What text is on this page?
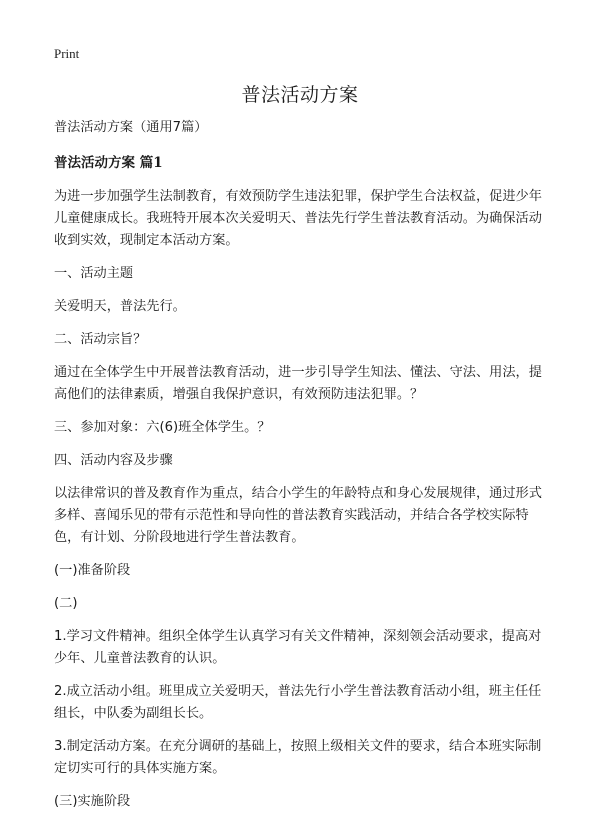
Print
普法活动方案

普法活动方案（通用7篇）

普法活动方案 篇1

为进一步加强学生法制教育，有效预防学生违法犯罪，保护学生合法权益，促进少年儿童健康成长。我班特开展本次关爱明天、普法先行学生普法教育活动。为确保活动收到实效，现制定本活动方案。

一、活动主题

关爱明天，普法先行。

二、活动宗旨？

通过在全体学生中开展普法教育活动，进一步引导学生知法、懂法、守法、用法，提高他们的法律素质，增强自我保护意识，有效预防违法犯罪。？

三、参加对象：六(6)班全体学生。？

四、活动内容及步骤

以法律常识的普及教育作为重点，结合小学生的年龄特点和身心发展规律，通过形式多样、喜闻乐见的带有示范性和导向性的普法教育实践活动，并结合各学校实际特色，有计划、分阶段地进行学生普法教育。

(一)准备阶段

(二)

1.学习文件精神。组织全体学生认真学习有关文件精神，深刻领会活动要求，提高对少年、儿童普法教育的认识。

2.成立活动小组。班里成立关爱明天，普法先行小学生普法教育活动小组，班主任任组长，中队委为副组长长。

3.制定活动方案。在充分调研的基础上，按照上级相关文件的要求，结合本班实际制定切实可行的具体实施方案。

(三)实施阶段
